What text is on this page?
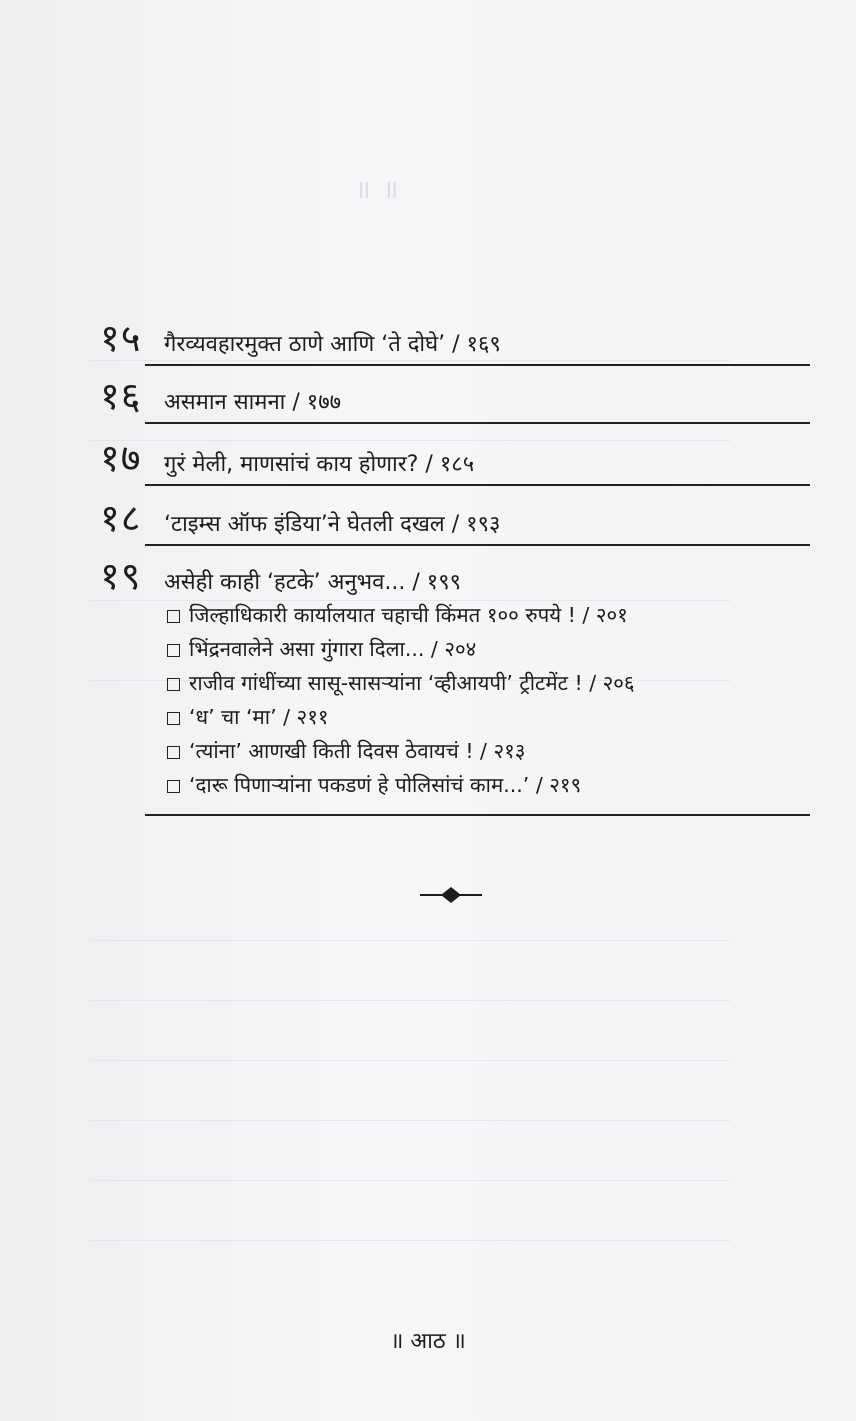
॥ ॥
१५	गैरव्यवहारमुक्त ठाणे आणि ‘ते दोघे’ / १६९
१६	असमान सामना / १७७
१७	गुरं मेली, माणसांचं काय होणार? / १८५
१८	‘टाइम्स ऑफ इंडिया’ने घेतली दखल / १९३
१९	असेही काही ‘हटके’ अनुभव... / १९९
जिल्हाधिकारी कार्यालयात चहाची किंमत १०० रुपये ! / २०१
भिंद्रनवालेने असा गुंगारा दिला... / २०४
राजीव गांधींच्या सासू-सासऱ्यांना ‘व्हीआयपी’ ट्रीटमेंट ! / २०६
‘ध’ चा ‘मा’ / २११
‘त्यांना’ आणखी किती दिवस ठेवायचं ! / २१३
‘दारू पिणाऱ्यांना पकडणं हे पोलिसांचं काम...’ / २१९
॥ आठ ॥
